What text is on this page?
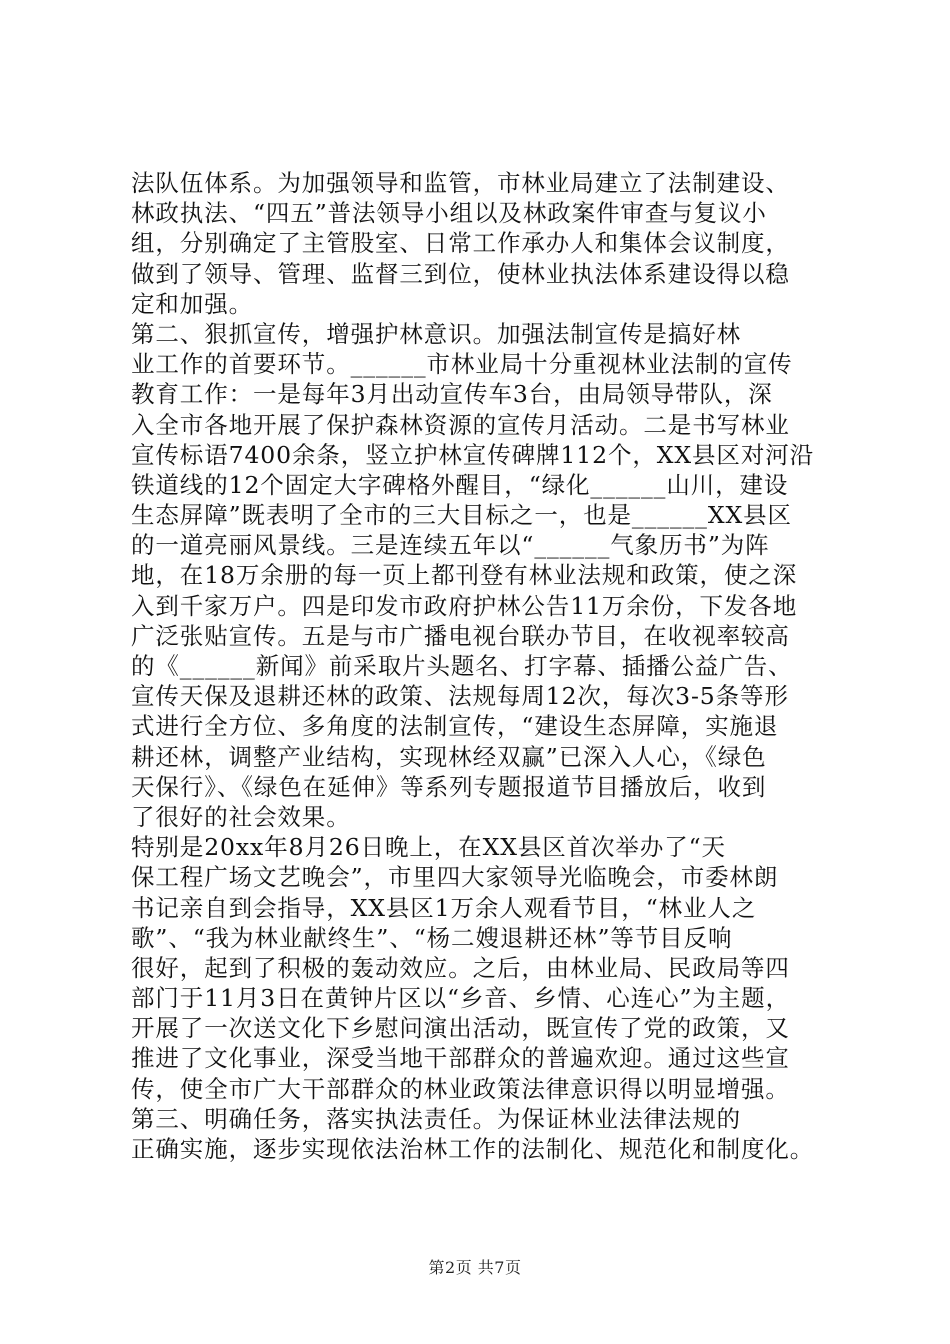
法队伍体系。为加强领导和监管，市林业局建立了法制建设、
林政执法、“四五”普法领导小组以及林政案件审查与复议小
组，分别确定了主管股室、日常工作承办人和集体会议制度，
做到了领导、管理、监督三到位，使林业执法体系建设得以稳
定和加强。
第二、狠抓宣传，增强护林意识。加强法制宣传是搞好林
业工作的首要环节。______市林业局十分重视林业法制的宣传
教育工作：一是每年3月出动宣传车3台，由局领导带队，深
入全市各地开展了保护森林资源的宣传月活动。二是书写林业
宣传标语7400余条，竖立护林宣传碑牌112个，XX县区对河沿
铁道线的12个固定大字碑格外醒目，“绿化______山川，建设
生态屏障”既表明了全市的三大目标之一，也是______XX县区
的一道亮丽风景线。三是连续五年以“______气象历书”为阵
地，在18万余册的每一页上都刊登有林业法规和政策，使之深
入到千家万户。四是印发市政府护林公告11万余份，下发各地
广泛张贴宣传。五是与市广播电视台联办节目，在收视率较高
的《______新闻》前采取片头题名、打字幕、插播公益广告、
宣传天保及退耕还林的政策、法规每周12次，每次3-5条等形
式进行全方位、多角度的法制宣传，“建设生态屏障，实施退
耕还林，调整产业结构，实现林经双赢”已深入人心，《绿色
天保行》、《绿色在延伸》等系列专题报道节目播放后，收到
了很好的社会效果。
特别是20xx年8月26日晚上，在XX县区首次举办了“天
保工程广场文艺晚会”，市里四大家领导光临晚会，市委林朗
书记亲自到会指导，XX县区1万余人观看节目，“林业人之
歌”、“我为林业献终生”、“杨二嫂退耕还林”等节目反响
很好，起到了积极的轰动效应。之后，由林业局、民政局等四
部门于11月3日在黄钟片区以“乡音、乡情、心连心”为主题，
开展了一次送文化下乡慰问演出活动，既宣传了党的政策，又
推进了文化事业，深受当地干部群众的普遍欢迎。通过这些宣
传，使全市广大干部群众的林业政策法律意识得以明显增强。
第三、明确任务，落实执法责任。为保证林业法律法规的
正确实施，逐步实现依法治林工作的法制化、规范化和制度化。
第2页 共7页
